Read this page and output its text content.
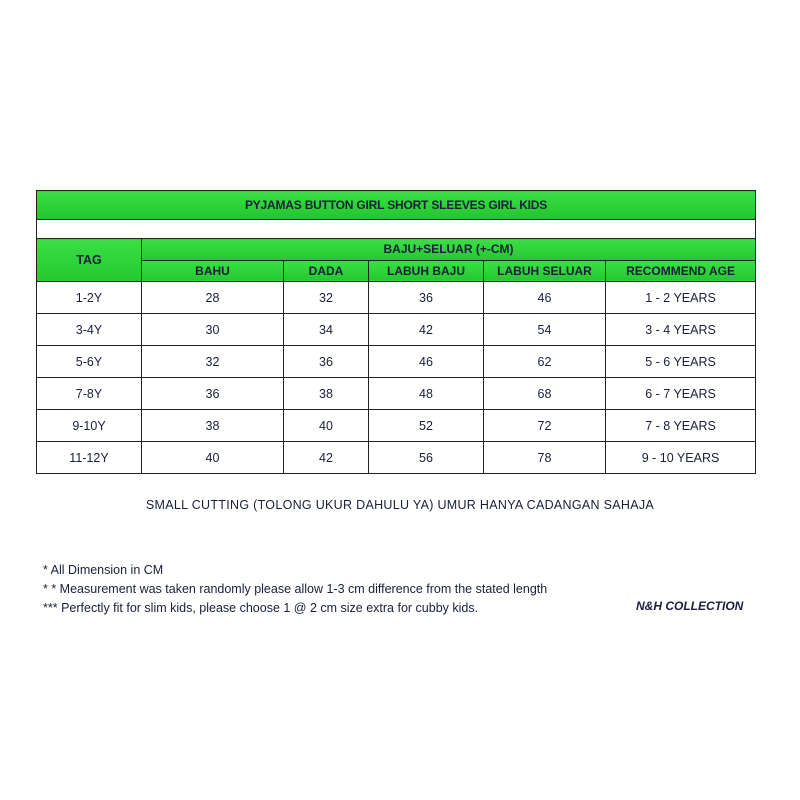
PYJAMAS BUTTON GIRL SHORT SLEEVES GIRL KIDS					

TAG	BAJU+SELUAR (+-CM)				
	BAHU	DADA	LABUH BAJU	LABUH SELUAR	RECOMMEND AGE
1-2Y	28	32	36	46	1 - 2 YEARS
3-4Y	30	34	42	54	3 - 4 YEARS
5-6Y	32	36	46	62	5 - 6 YEARS
7-8Y	36	38	48	68	6 - 7 YEARS
9-10Y	38	40	52	72	7 - 8 YEARS
11-12Y	40	42	56	78	9 - 10 YEARS
SMALL CUTTING (TOLONG UKUR DAHULU YA) UMUR HANYA CADANGAN SAHAJA
* All Dimension in CM
* * Measurement was taken randomly please allow 1-3 cm difference from the stated length
*** Perfectly fit for slim kids, please choose 1 @ 2 cm size extra for cubby kids.	N&H COLLECTION
